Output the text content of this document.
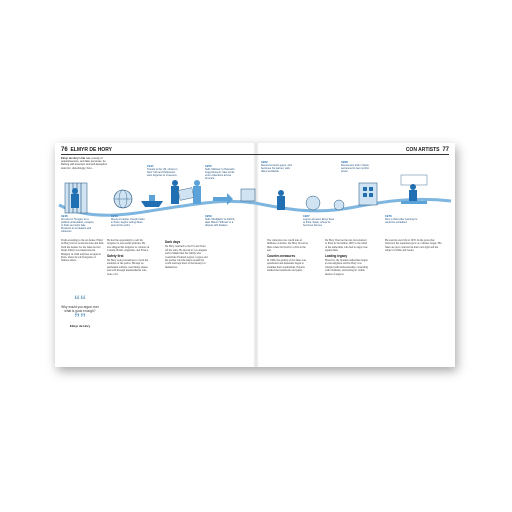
76 ELMYR DE HORY	CON ARTISTS 77
Elmyr de Hory's life was a study of acquisitiveness, and fake personas. Its lifelong self-invention and self-deception took him, disturbingly, from...
1946
Arrested in Hungary as a political undesirable; escapes to Paris and sells fake Picassos to art dealers and collectors
1946
Meets art dealer Joseph Faller in Paris; begins selling fakes around the world
1947
Travels to the US; shows in New York and Hollywood; sells forgeries to museums
1955
Sells 'Matisse' to Harvard's Fogg Museum; fake works enter collections across America
1959
Sells 'Modigliani' to Aldrich; alias 'Baron Hoffman' in a dispute with Dealers
1962
Meets Fernand Legros, who becomes his partner; sells fakes worldwide
1967
Legros arrested; Elmyr flees to Ibiza, Spain, where he becomes famous
1968
Discovered; trial in Spain; sentenced to two months' prison
1976
Dies in Ibiza after learning he would be extradited
Truth-revealing to the art dealer, Elmyr de Hory had to evade the risks and hide from the dealers for the fakes he had made. Elmyr was imprisoned in Hungary in 1944 and later escaped to Paris, where he sold forgeries of famous artists.
““
Why would you argue over what is good enough?
””
Elmyr de Hory
He had the opportunity to sell his forgeries to successful galleries. He also shipped his forgeries to curators in Canada, Brazil, Argentina, and France.
Safety first
De Hory took precautions to avoid the attention of the police. He kept no permanent address, used many aliases and sold through intermediaries who took a cut.
Dark days
De Hory returned to the US and lived off his sales. He moved to Los Angeles and in Miami met the family who would hire Fernand Legros. Legros and his partner sold the fakes around the world and kept most of the money for themselves.
The collection was worth tens of millions of dollars. De Hory moved to Ibiza where he lived in a villa in the sun.
Counter-measures
In 1966, the quality of the fakes was questioned and museums began to examine their acquisitions. Experts studied the brushwork and paper.
De Hory lived on the run, but returned to Ibiza in November 1967 to the relief of the authorities who had no legal case against him.
Lasting legacy
However, the Spanish authorities began an investigation and De Hory was charged with homosexuality, consorting with criminals, and having no visible means of support.
He took his own life in 1976. In the years that followed, his reputation grew as a master forger. His fakes are now collected in their own right and the subject of films and books.
